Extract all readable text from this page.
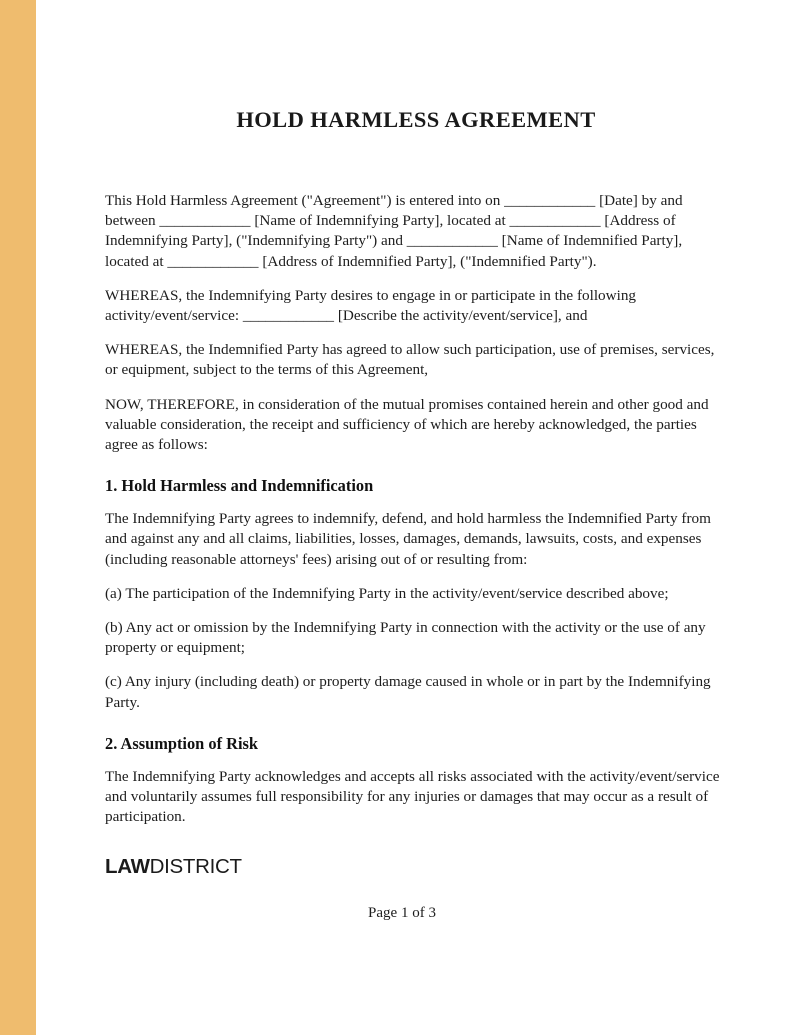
HOLD HARMLESS AGREEMENT

This Hold Harmless Agreement ("Agreement") is entered into on ____________ [Date] by and between ____________ [Name of Indemnifying Party], located at ____________ [Address of Indemnifying Party], ("Indemnifying Party") and ____________ [Name of Indemnified Party], located at ____________ [Address of Indemnified Party], ("Indemnified Party").

WHEREAS, the Indemnifying Party desires to engage in or participate in the following activity/event/service: ____________ [Describe the activity/event/service], and

WHEREAS, the Indemnified Party has agreed to allow such participation, use of premises, services, or equipment, subject to the terms of this Agreement,

NOW, THEREFORE, in consideration of the mutual promises contained herein and other good and valuable consideration, the receipt and sufficiency of which are hereby acknowledged, the parties agree as follows:

1. Hold Harmless and Indemnification

The Indemnifying Party agrees to indemnify, defend, and hold harmless the Indemnified Party from and against any and all claims, liabilities, losses, damages, demands, lawsuits, costs, and expenses (including reasonable attorneys' fees) arising out of or resulting from:

(a) The participation of the Indemnifying Party in the activity/event/service described above;

(b) Any act or omission by the Indemnifying Party in connection with the activity or the use of any property or equipment;

(c) Any injury (including death) or property damage caused in whole or in part by the Indemnifying Party.

2. Assumption of Risk

The Indemnifying Party acknowledges and accepts all risks associated with the activity/event/service and voluntarily assumes full responsibility for any injuries or damages that may occur as a result of participation.

LAWDISTRICT
Page 1 of 3
